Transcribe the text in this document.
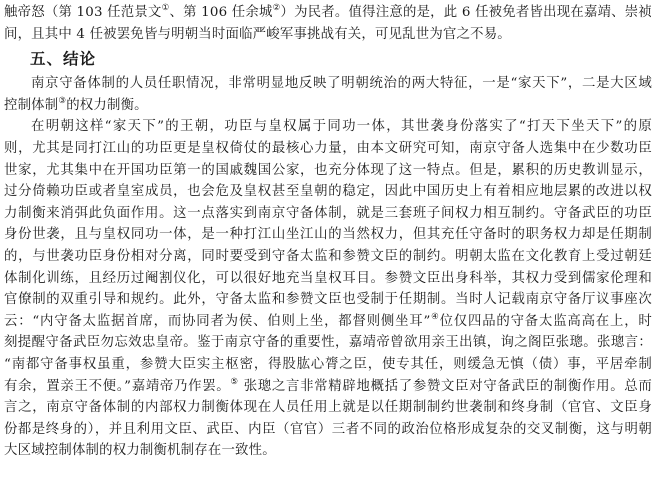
触帝怒（第 103 任范景文①、第 106 任余城②）为民者。值得注意的是，此 6 任被免者皆出现在嘉靖、崇祯
间，且其中 4 任被罢免皆与明朝当时面临严峻军事挑战有关，可见乱世为官之不易。
五、结论
南京守备体制的人员任职情况，非常明显地反映了明朝统治的两大特征，一是“家天下”，二是大区域
控制体制③的权力制衡。
在明朝这样“家天下”的王朝，功臣与皇权属于同功一体，其世袭身份落实了“打天下坐天下”的原
则，尤其是同打江山的功臣更是皇权倚仗的最核心力量，由本文研究可知，南京守备人选集中在少数功臣
世家，尤其集中在开国功臣第一的国戚魏国公家，也充分体现了这一特点。但是，累积的历史教训显示，
过分倚赖功臣或者皇室成员，也会危及皇权甚至皇朝的稳定，因此中国历史上有着相应地层累的改进以权
力制衡来消弭此负面作用。这一点落实到南京守备体制，就是三套班子间权力相互制约。守备武臣的功臣
身份世袭，且与皇权同功一体，是一种打江山坐江山的当然权力，但其充任守备时的职务权力却是任期制
的，与世袭功臣身份相对分离，同时要受到守备太监和参赞文臣的制约。明朝太监在文化教育上受过朝廷
体制化训练，且经历过阉割仪化，可以很好地充当皇权耳目。参赞文臣出身科举，其权力受到儒家伦理和
官僚制的双重引导和规约。此外，守备太监和参赞文臣也受制于任期制。当时人记载南京守备厅议事座次
云：“内守备太监据首席，而协同者为侯、伯则上坐，都督则侧坐耳”④位仅四品的守备太监高高在上，时
刻提醒守备武臣勿忘效忠皇帝。鉴于南京守备的重要性，嘉靖帝曾欲用亲王出镇，询之阁臣张璁。张璁言：
“南都守备事权虽重，参赞大臣实主枢密，得股肱心膂之臣，使专其任，则缓急无慎（债）事，平居牵制
有余，置亲王不便。”嘉靖帝乃作罢。⑤ 张璁之言非常精辟地概括了参赞文臣对守备武臣的制衡作用。总而
言之，南京守备体制的内部权力制衡体现在人员任用上就是以任期制制约世袭制和终身制（官官、文臣身
份都是终身的），并且利用文臣、武臣、内臣（官官）三者不同的政治位格形成复杂的交叉制衡，这与明朝
大区域控制体制的权力制衡机制存在一致性。
